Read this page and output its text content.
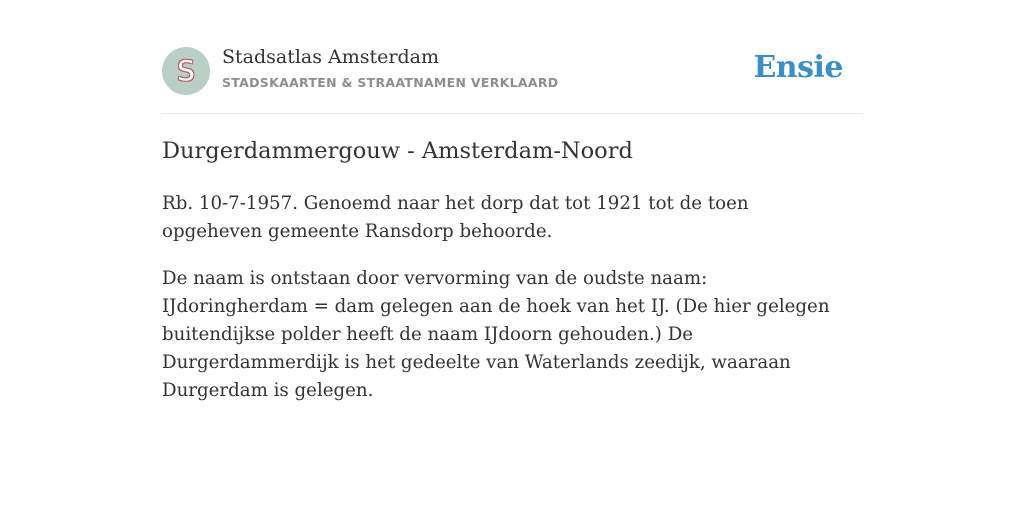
S	Stadsatlas Amsterdam
STADSKAARTEN & STRAATNAMEN VERKLAARD	Ensie
Durgerdammergouw - Amsterdam-Noord

Rb. 10-7-1957. Genoemd naar het dorp dat tot 1921 tot de toen opgeheven gemeente Ransdorp behoorde.

De naam is ontstaan door vervorming van de oudste naam: IJdoringherdam = dam gelegen aan de hoek van het IJ. (De hier gelegen buitendijkse polder heeft de naam IJdoorn gehouden.) De Durgerdammerdijk is het gedeelte van Waterlands zeedijk, waaraan Durgerdam is gelegen.
